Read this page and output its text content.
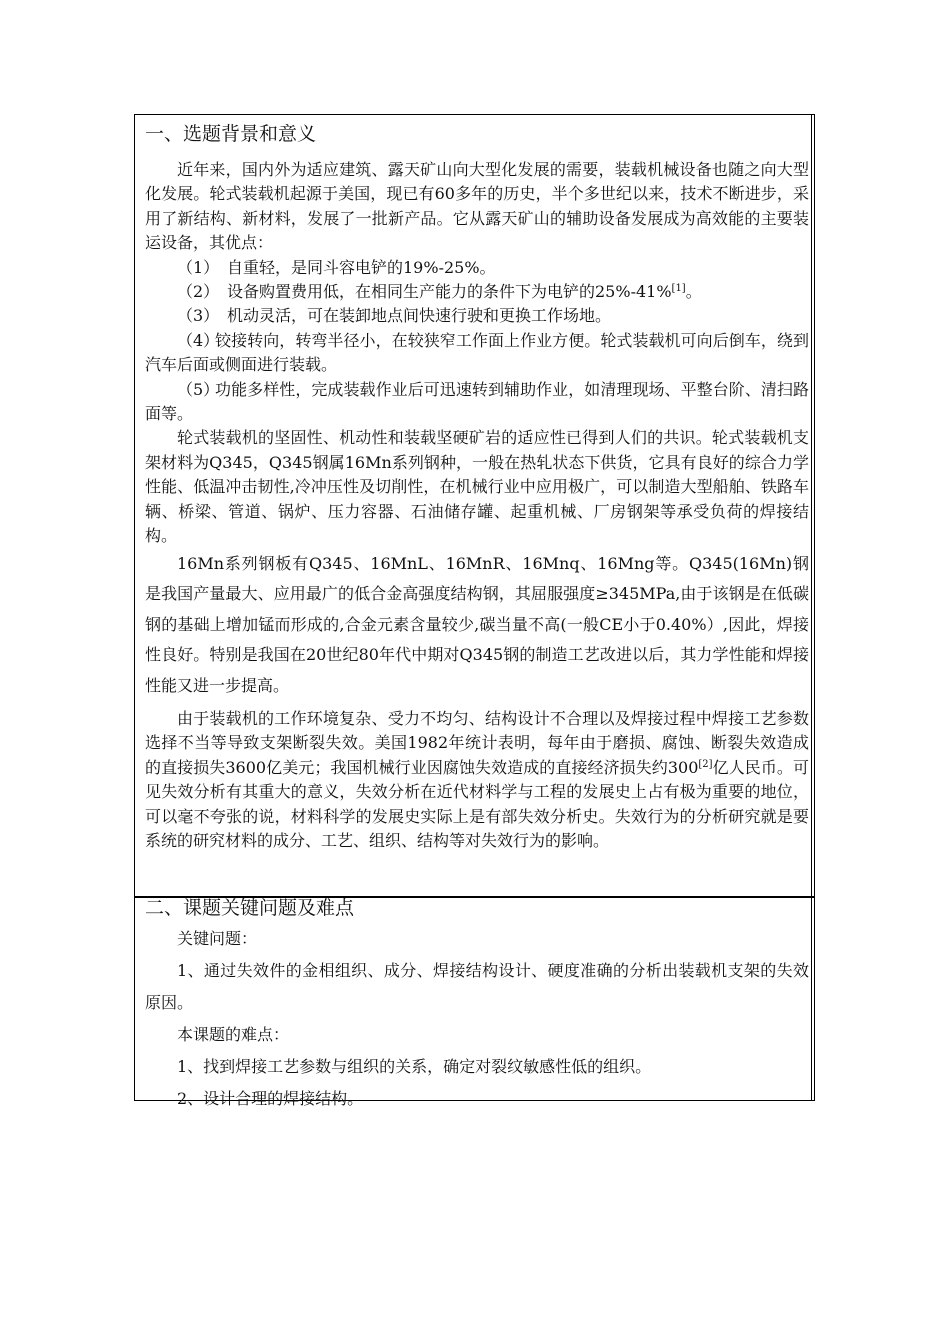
一、选题背景和意义

近年来，国内外为适应建筑、露天矿山向大型化发展的需要，装载机械设备也随之向大型化发展。轮式装载机起源于美国，现已有60多年的历史，半个多世纪以来，技术不断进步，采用了新结构、新材料，发展了一批新产品。它从露天矿山的辅助设备发展成为高效能的主要装运设备，其优点：

（1） 自重轻，是同斗容电铲的19%-25%。

（2） 设备购置费用低，在相同生产能力的条件下为电铲的25%-41%[1]。

（3） 机动灵活，可在装卸地点间快速行驶和更换工作场地。

（4）铰接转向，转弯半径小，在较狭窄工作面上作业方便。轮式装载机可向后倒车，绕到汽车后面或侧面进行装载。

（5）功能多样性，完成装载作业后可迅速转到辅助作业，如清理现场、平整台阶、清扫路面等。

轮式装载机的坚固性、机动性和装载坚硬矿岩的适应性已得到人们的共识。轮式装载机支架材料为Q345，Q345钢属16Mn系列钢种，一般在热轧状态下供货，它具有良好的综合力学性能、低温冲击韧性,冷冲压性及切削性，在机械行业中应用极广，可以制造大型船舶、铁路车辆、桥梁、管道、锅炉、压力容器、石油储存罐、起重机械、厂房钢架等承受负荷的焊接结构。

16Mn系列钢板有Q345、16MnL、16MnR、16Mnq、16Mng等。Q345(16Mn)钢是我国产量最大、应用最广的低合金高强度结构钢，其屈服强度≥345MPa,由于该钢是在低碳钢的基础上增加锰而形成的,合金元素含量较少,碳当量不高(一般CE小于0.40%）,因此，焊接性良好。特别是我国在20世纪80年代中期对Q345钢的制造工艺改进以后，其力学性能和焊接性能又进一步提高。

由于装载机的工作环境复杂、受力不均匀、结构设计不合理以及焊接过程中焊接工艺参数选择不当等导致支架断裂失效。美国1982年统计表明，每年由于磨损、腐蚀、断裂失效造成的直接损失3600亿美元；我国机械行业因腐蚀失效造成的直接经济损失约300[2]亿人民币。可见失效分析有其重大的意义，失效分析在近代材料学与工程的发展史上占有极为重要的地位，可以毫不夸张的说，材料科学的发展史实际上是有部失效分析史。失效行为的分析研究就是要系统的研究材料的成分、工艺、组织、结构等对失效行为的影响。

二、课题关键问题及难点

关键问题：

1、通过失效件的金相组织、成分、焊接结构设计、硬度准确的分析出装载机支架的失效原因。

本课题的难点：

1、找到焊接工艺参数与组织的关系，确定对裂纹敏感性低的组织。

2、设计合理的焊接结构。
